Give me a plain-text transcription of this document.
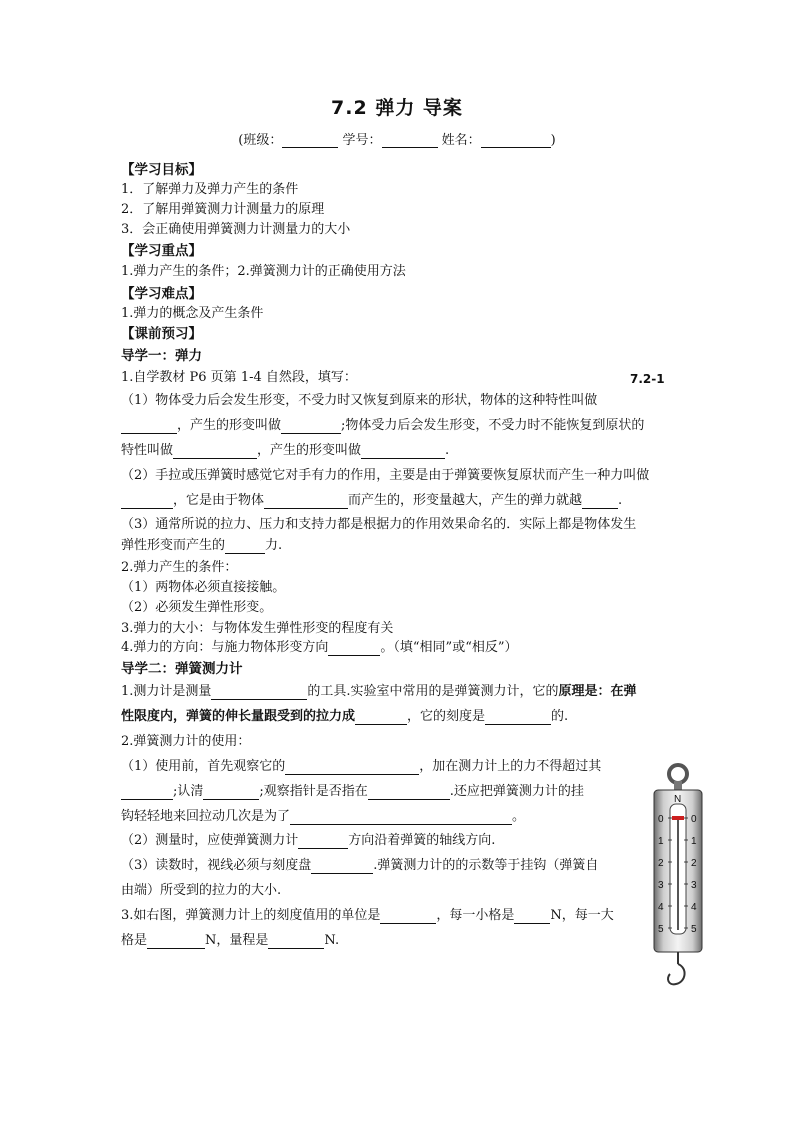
7.2 弹力 导案
(班级：	学号：	姓名：	)
【学习目标】
1．了解弹力及弹力产生的条件
2．了解用弹簧测力计测量力的原理
3．会正确使用弹簧测力计测量力的大小
【学习重点】
1.弹力产生的条件；2.弹簧测力计的正确使用方法
【学习难点】
1.弹力的概念及产生条件
【课前预习】
导学一：弹力
1.自学教材 P6 页第 1-4 自然段，填写：	7.2-1
（1）物体受力后会发生形变，不受力时又恢复到原来的形状，物体的这种特性叫做
，产生的形变叫做	;物体受力后会发生形变，不受力时不能恢复到原状的
特性叫做	，产生的形变叫做	.
（2）手拉或压弹簧时感觉它对手有力的作用，主要是由于弹簧要恢复原状而产生一种力叫做
，它是由于物体	而产生的，形变量越大，产生的弹力就越	.
（3）通常所说的拉力、压力和支持力都是根据力的作用效果命名的．实际上都是物体发生
弹性形变而产生的	力.
2.弹力产生的条件：
（1）两物体必须直接接触。
（2）必须发生弹性形变。
3.弹力的大小：与物体发生弹性形变的程度有关
4.弹力的方向：与施力物体形变方向	。（填“相同”或“相反”）
导学二：弹簧测力计
1.测力计是测量	的工具.实验室中常用的是弹簧测力计，它的原理是：在弹
性限度内，弹簧的伸长量跟受到的拉力成	，它的刻度是	的.
2.弹簧测力计的使用：
（1）使用前，首先观察它的	，加在测力计上的力不得超过其
;认清	;观察指针是否指在	.还应把弹簧测力计的挂
钩轻轻地来回拉动几次是为了	。
（2）测量时，应使弹簧测力计	方向沿着弹簧的轴线方向.
（3）读数时，视线必须与刻度盘	.弹簧测力计的的示数等于挂钩（弹簧自
由端）所受到的拉力的大小.
3.如右图，弹簧测力计上的刻度值用的单位是	，每一小格是	N，每一大
格是	N，量程是	N.
N
0
1
2
3
4
5
0
1
2
3
4
5
